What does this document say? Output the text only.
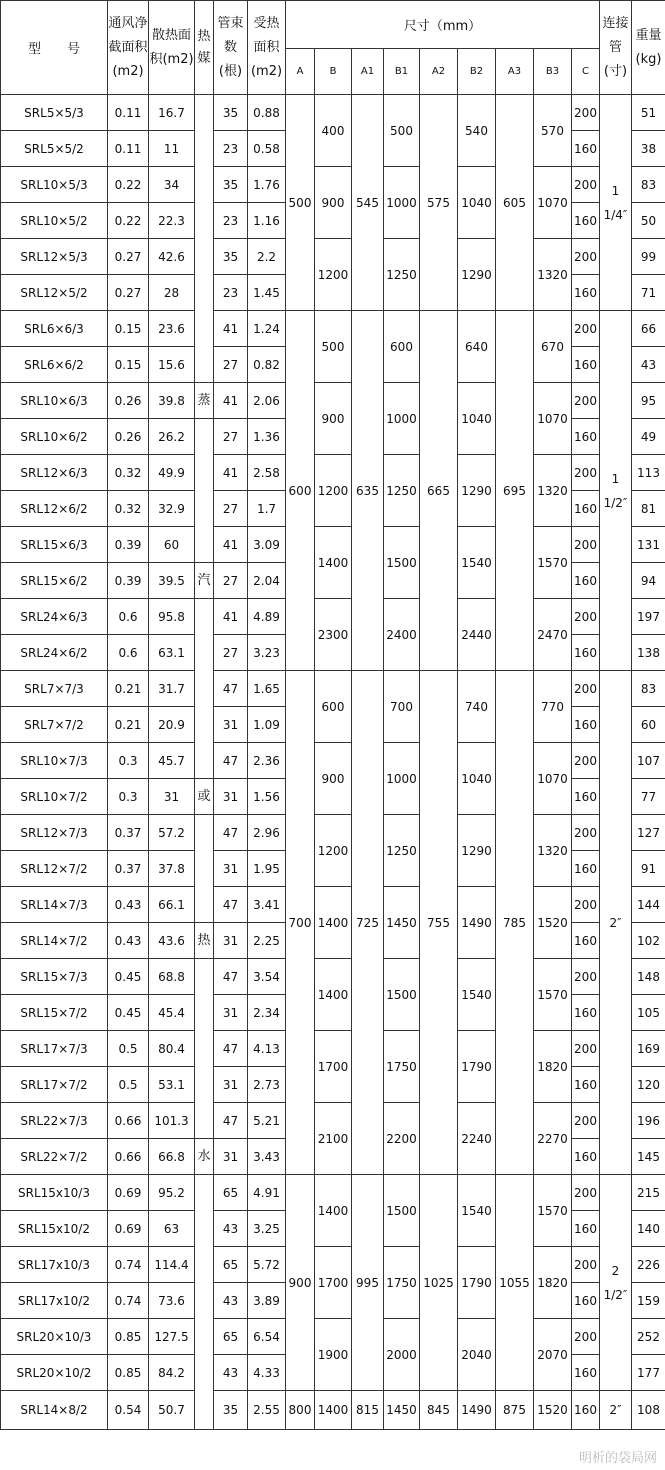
型　　号	通风净截面积(m2)	散热面积(m2)	热媒	管束数(根)	受热面积(m2)	尺寸（mm）									连接管(寸)	重量(kg)
						A	B	A1	B1	A2	B2	A3	B3	C		
SRL5×5/3	0.11	16.7		35	0.88	500	400	545	500	575	540	605	570	200	1 1/4″	51
SRL5×5/2	0.11	11		23	0.58									160		38
SRL10×5/3	0.22	34		35	1.76		900		1000		1040		1070	200		83
SRL10×5/2	0.22	22.3		23	1.16									160		50
SRL12×5/3	0.27	42.6		35	2.2		1200		1250		1290		1320	200		99
SRL12×5/2	0.27	28		23	1.45									160		71
SRL6×6/3	0.15	23.6		41	1.24	600	500	635	600	665	640	695	670	200	1 1/2″	66
SRL6×6/2	0.15	15.6		27	0.82									160		43
SRL10×6/3	0.26	39.8	蒸	41	2.06		900		1000		1040		1070	200		95
SRL10×6/2	0.26	26.2		27	1.36									160		49
SRL12×6/3	0.32	49.9		41	2.58		1200		1250		1290		1320	200		113
SRL12×6/2	0.32	32.9		27	1.7									160		81
SRL15×6/3	0.39	60		41	3.09		1400		1500		1540		1570	200		131
SRL15×6/2	0.39	39.5	汽	27	2.04									160		94
SRL24×6/3	0.6	95.8		41	4.89		2300		2400		2440		2470	200		197
SRL24×6/2	0.6	63.1		27	3.23									160		138
SRL7×7/3	0.21	31.7		47	1.65	700	600	725	700	755	740	785	770	200	2″	83
SRL7×7/2	0.21	20.9		31	1.09									160		60
SRL10×7/3	0.3	45.7		47	2.36		900		1000		1040		1070	200		107
SRL10×7/2	0.3	31	或	31	1.56									160		77
SRL12×7/3	0.37	57.2		47	2.96		1200		1250		1290		1320	200		127
SRL12×7/2	0.37	37.8		31	1.95									160		91
SRL14×7/3	0.43	66.1		47	3.41		1400		1450		1490		1520	200		144
SRL14×7/2	0.43	43.6	热	31	2.25									160		102
SRL15×7/3	0.45	68.8		47	3.54		1400		1500		1540		1570	200		148
SRL15×7/2	0.45	45.4		31	2.34									160		105
SRL17×7/3	0.5	80.4		47	4.13		1700		1750		1790		1820	200		169
SRL17×7/2	0.5	53.1		31	2.73									160		120
SRL22×7/3	0.66	101.3		47	5.21		2100		2200		2240		2270	200		196
SRL22×7/2	0.66	66.8	水	31	3.43									160		145
SRL15x10/3	0.69	95.2		65	4.91	900	1400	995	1500	1025	1540	1055	1570	200	2 1/2″	215
SRL15x10/2	0.69	63		43	3.25									160		140
SRL17x10/3	0.74	114.4		65	5.72		1700		1750		1790		1820	200		226
SRL17x10/2	0.74	73.6		43	3.89									160		159
SRL20×10/3	0.85	127.5		65	6.54		1900		2000		2040		2070	200		252
SRL20×10/2	0.85	84.2		43	4.33									160		177
SRL14×8/2	0.54	50.7		35	2.55	800	1400	815	1450	845	1490	875	1520	160	2″	108
明析的袋局网
